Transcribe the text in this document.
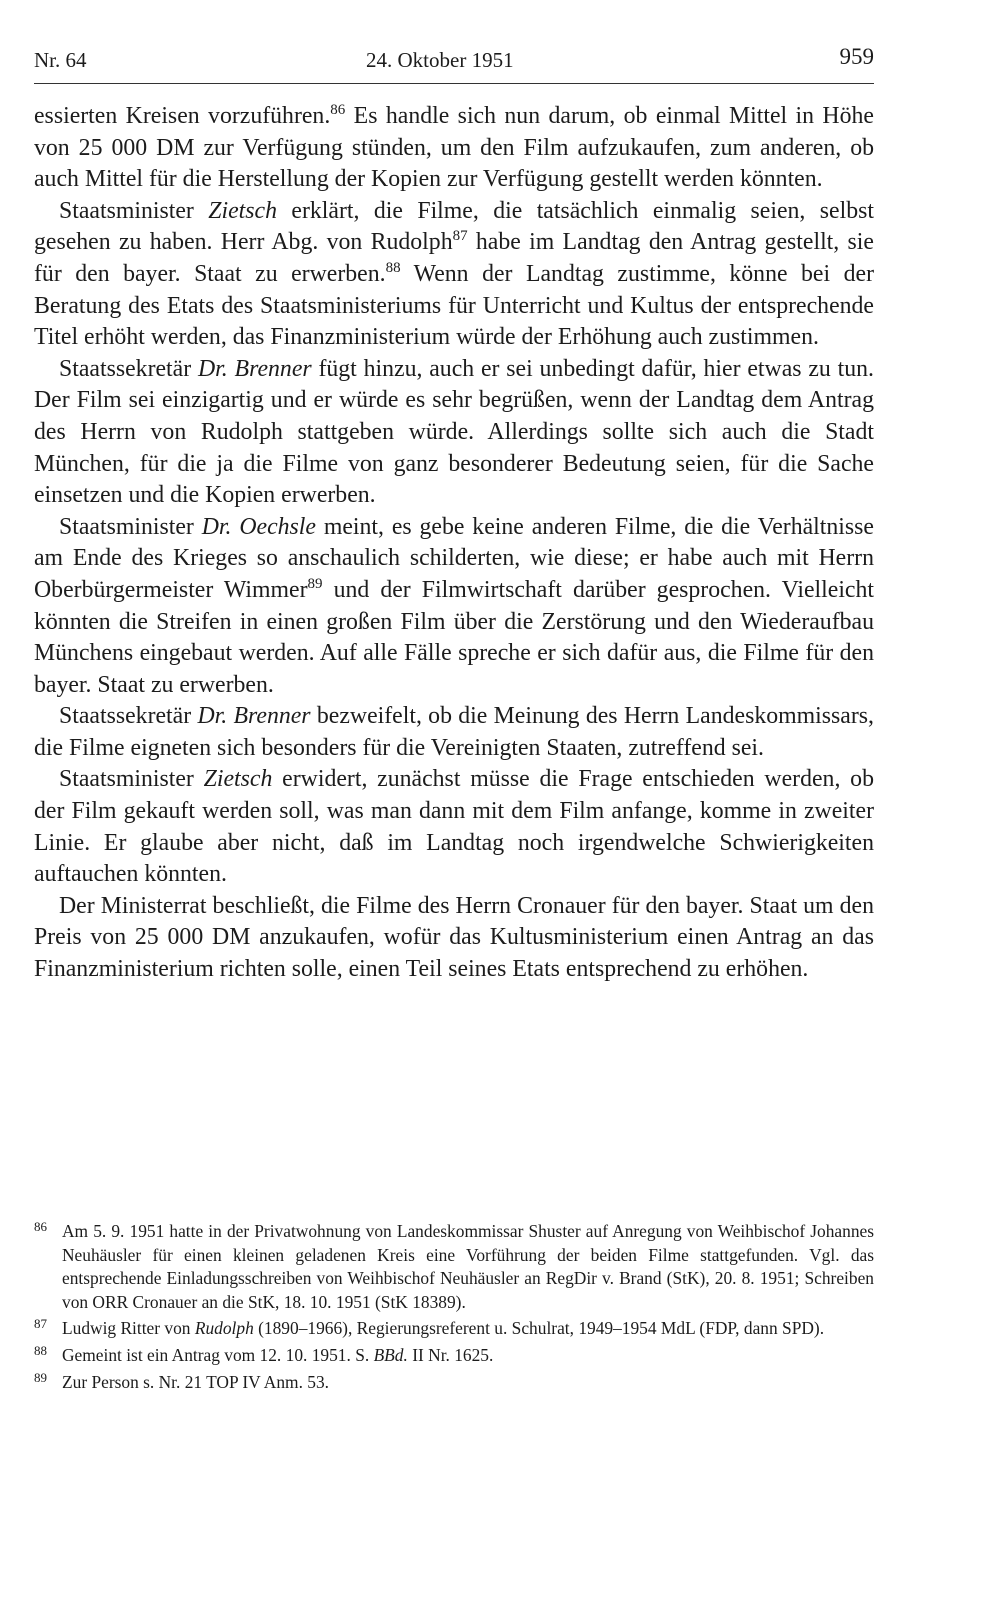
Nr. 64	24. Oktober 1951	959

essierten Kreisen vorzuführen.$^{86}$ Es handle sich nun darum, ob einmal Mittel in Höhe von 25 000 DM zur Verfügung stünden, um den Film aufzukaufen, zum anderen, ob auch Mittel für die Herstellung der Kopien zur Verfügung gestellt werden könnten.

Staatsminister Zietsch erklärt, die Filme, die tatsächlich einmalig seien, selbst gesehen zu haben. Herr Abg. von Rudolph$^{87}$ habe im Landtag den Antrag gestellt, sie für den bayer. Staat zu erwerben.$^{88}$ Wenn der Landtag zustimme, könne bei der Beratung des Etats des Staatsministeriums für Unterricht und Kultus der entsprechende Titel erhöht werden, das Finanzministerium würde der Erhöhung auch zustimmen.

Staatssekretär Dr. Brenner fügt hinzu, auch er sei unbedingt dafür, hier etwas zu tun. Der Film sei einzigartig und er würde es sehr begrüßen, wenn der Landtag dem Antrag des Herrn von Rudolph stattgeben würde. Allerdings sollte sich auch die Stadt München, für die ja die Filme von ganz besonderer Bedeutung seien, für die Sache einsetzen und die Kopien erwerben.

Staatsminister Dr. Oechsle meint, es gebe keine anderen Filme, die die Verhältnisse am Ende des Krieges so anschaulich schilderten, wie diese; er habe auch mit Herrn Oberbürgermeister Wimmer$^{89}$ und der Filmwirtschaft darüber gesprochen. Vielleicht könnten die Streifen in einen großen Film über die Zerstörung und den Wiederaufbau Münchens eingebaut werden. Auf alle Fälle spreche er sich dafür aus, die Filme für den bayer. Staat zu erwerben.

Staatssekretär Dr. Brenner bezweifelt, ob die Meinung des Herrn Landeskommissars, die Filme eigneten sich besonders für die Vereinigten Staaten, zutreffend sei.

Staatsminister Zietsch erwidert, zunächst müsse die Frage entschieden werden, ob der Film gekauft werden soll, was man dann mit dem Film anfange, komme in zweiter Linie. Er glaube aber nicht, daß im Landtag noch irgendwelche Schwierigkeiten auftauchen könnten.

Der Ministerrat beschließt, die Filme des Herrn Cronauer für den bayer. Staat um den Preis von 25 000 DM anzukaufen, wofür das Kultusministerium einen Antrag an das Finanzministerium richten solle, einen Teil seines Etats entsprechend zu erhöhen.

86 Am 5. 9. 1951 hatte in der Privatwohnung von Landeskommissar Shuster auf Anregung von Weihbischof Johannes Neuhäusler für einen kleinen geladenen Kreis eine Vorführung der beiden Filme stattgefunden. Vgl. das entsprechende Einladungsschreiben von Weihbischof Neuhäusler an RegDir v. Brand (StK), 20. 8. 1951; Schreiben von ORR Cronauer an die StK, 18. 10. 1951 (StK 18389).
87 Ludwig Ritter von Rudolph (1890–1966), Regierungsreferent u. Schulrat, 1949–1954 MdL (FDP, dann SPD).
88 Gemeint ist ein Antrag vom 12. 10. 1951. S. BBd. II Nr. 1625.
89 Zur Person s. Nr. 21 TOP IV Anm. 53.
